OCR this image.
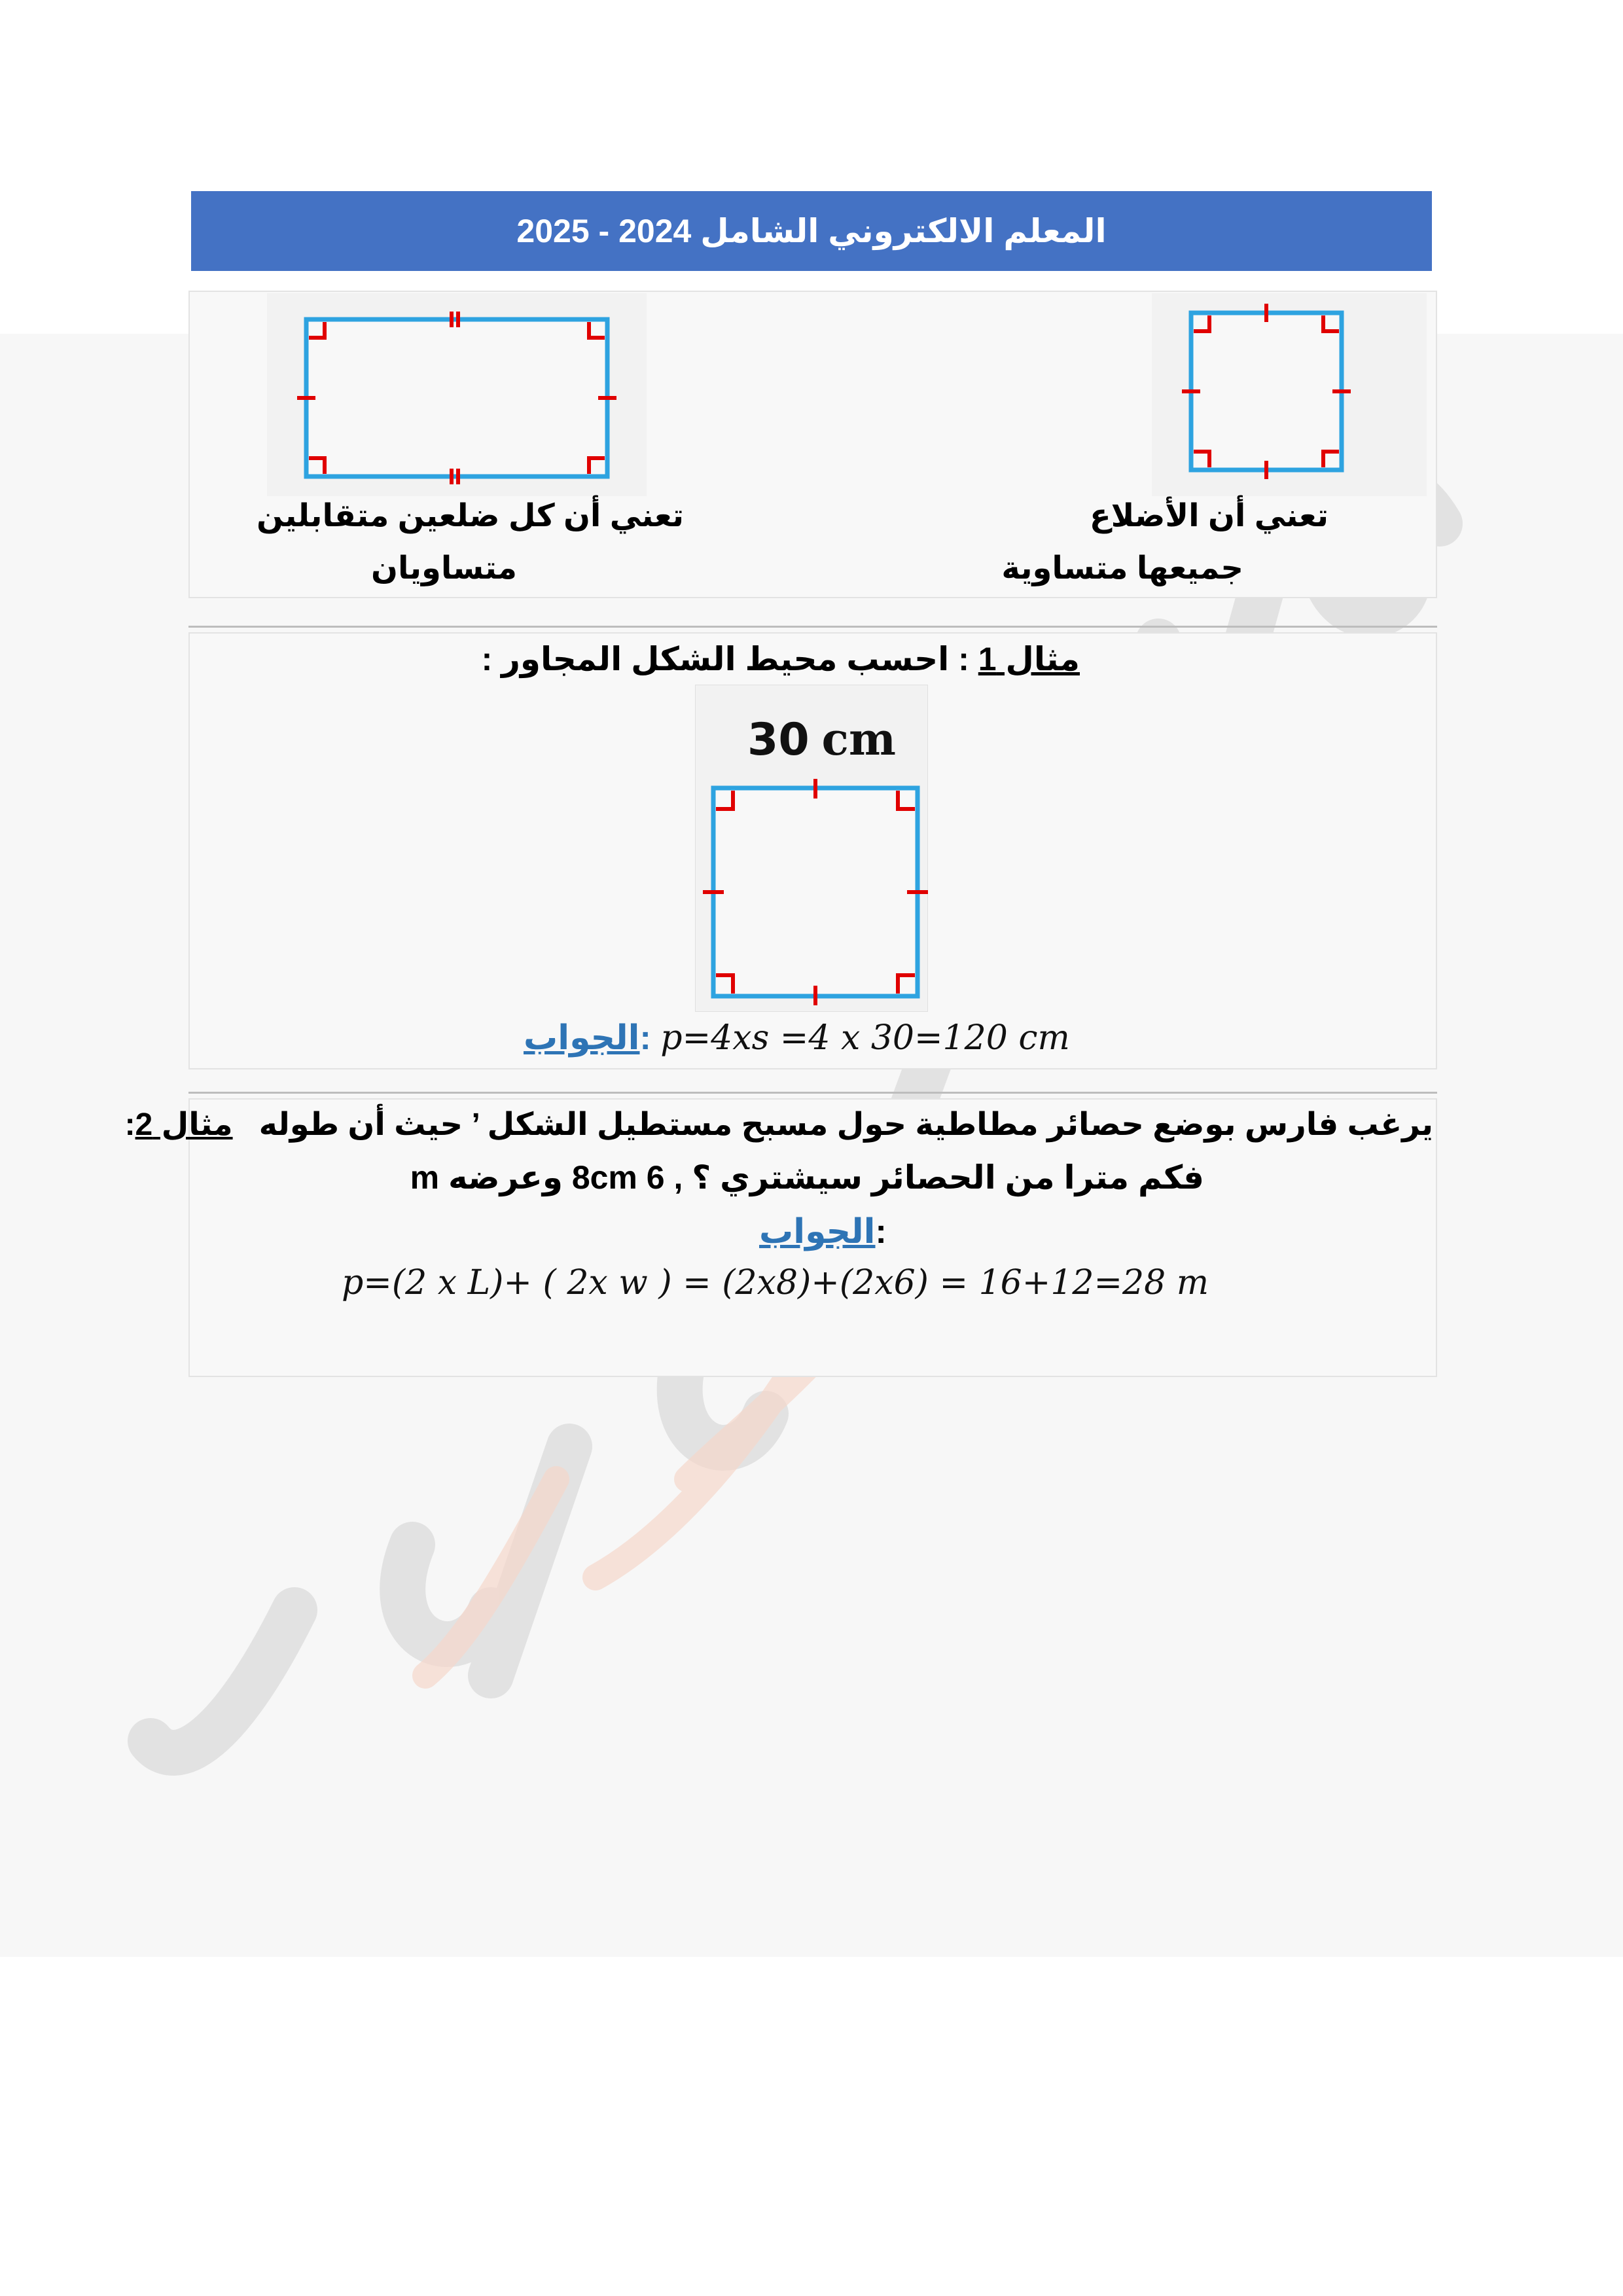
المعلم الالكتروني الشامل 2024 - 2025
تعني أن كل ضلعين متقابلين
متساويان
تعني أن الأضلاع
جميعها متساوية
مثال 1 : احسب محيط الشكل المجاور :
30 cm
الجواب: p=4xs =4 x 30=120 cm
يرغب فارس بوضع حصائر مطاطية حول مسبح مستطيل الشكل ’ حيث أن طوله   مثال 2:
فكم مترا من الحصائر سيشتري ؟ , 8cm 6 وعرضه m
الجواب:
p=(2 x L)+ ( 2x w ) = (2x8)+(2x6) = 16+12=28 m
